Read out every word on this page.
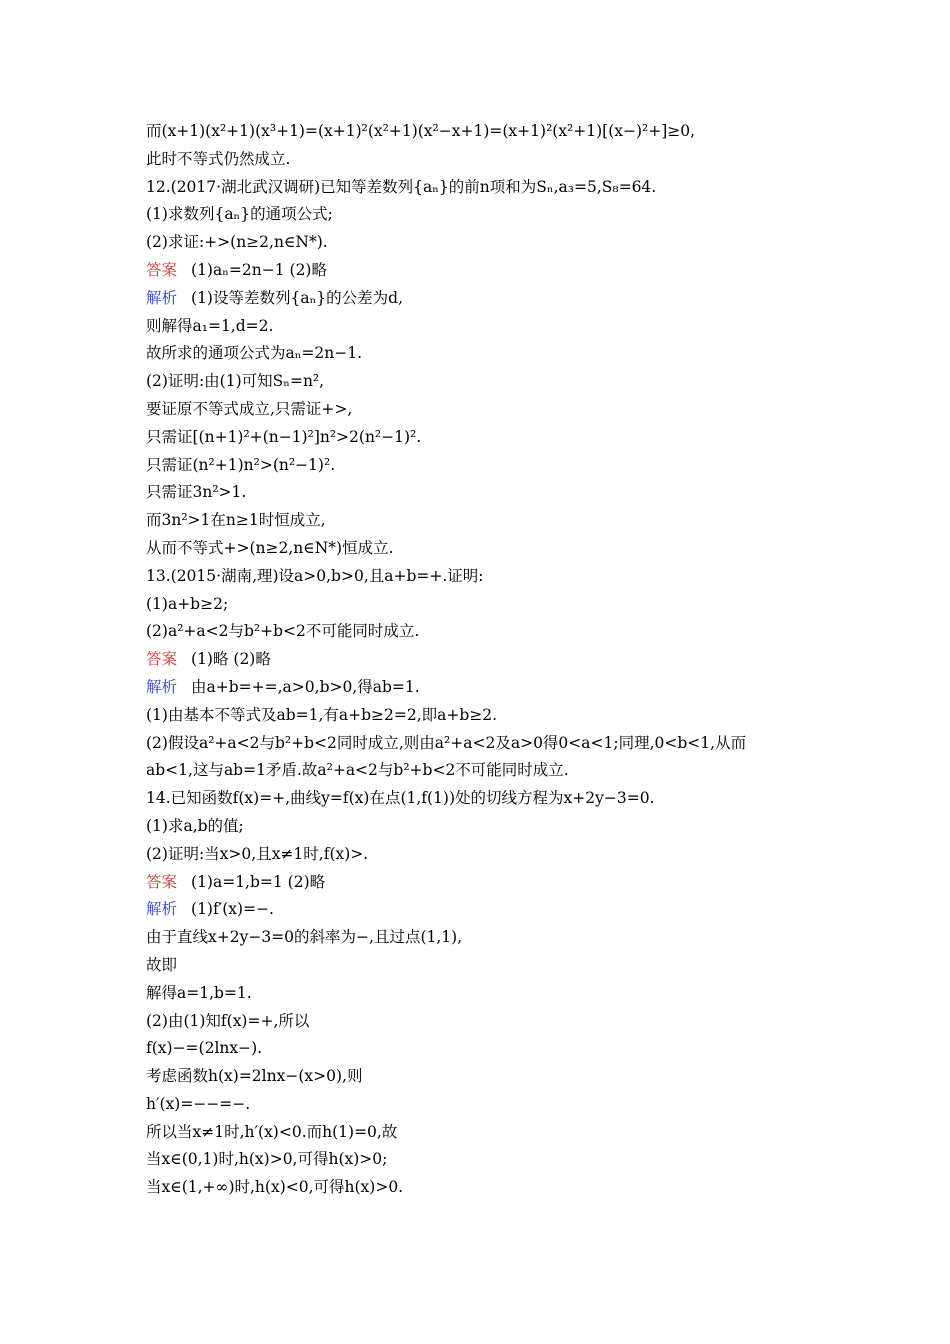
而(x+1)(x²+1)(x³+1)=(x+1)²(x²+1)(x²−x+1)=(x+1)²(x²+1)[(x−)²+]≥0,
此时不等式仍然成立.
12.(2017·湖北武汉调研)已知等差数列{aₙ}的前n项和为Sₙ,a₃=5,S₈=64.
(1)求数列{aₙ}的通项公式;
(2)求证:+>(n≥2,n∈N*).
答案 (1)aₙ=2n−1 (2)略
解析 (1)设等差数列{aₙ}的公差为d,
则解得a₁=1,d=2.
故所求的通项公式为aₙ=2n−1.
(2)证明:由(1)可知Sₙ=n²,
要证原不等式成立,只需证+>,
只需证[(n+1)²+(n−1)²]n²>2(n²−1)².
只需证(n²+1)n²>(n²−1)².
只需证3n²>1.
而3n²>1在n≥1时恒成立,
从而不等式+>(n≥2,n∈N*)恒成立.
13.(2015·湖南,理)设a>0,b>0,且a+b=+.证明:
(1)a+b≥2;
(2)a²+a<2与b²+b<2不可能同时成立.
答案 (1)略 (2)略
解析 由a+b=+=,a>0,b>0,得ab=1.
(1)由基本不等式及ab=1,有a+b≥2=2,即a+b≥2.
(2)假设a²+a<2与b²+b<2同时成立,则由a²+a<2及a>0得0<a<1;同理,0<b<1,从而
ab<1,这与ab=1矛盾.故a²+a<2与b²+b<2不可能同时成立.
14.已知函数f(x)=+,曲线y=f(x)在点(1,f(1))处的切线方程为x+2y−3=0.
(1)求a,b的值;
(2)证明:当x>0,且x≠1时,f(x)>.
答案 (1)a=1,b=1 (2)略
解析 (1)f′(x)=−.
由于直线x+2y−3=0的斜率为−,且过点(1,1),
故即
解得a=1,b=1.
(2)由(1)知f(x)=+,所以
f(x)−=(2lnx−).
考虑函数h(x)=2lnx−(x>0),则
h′(x)=−−=−.
所以当x≠1时,h′(x)<0.而h(1)=0,故
当x∈(0,1)时,h(x)>0,可得h(x)>0;
当x∈(1,+∞)时,h(x)<0,可得h(x)>0.
